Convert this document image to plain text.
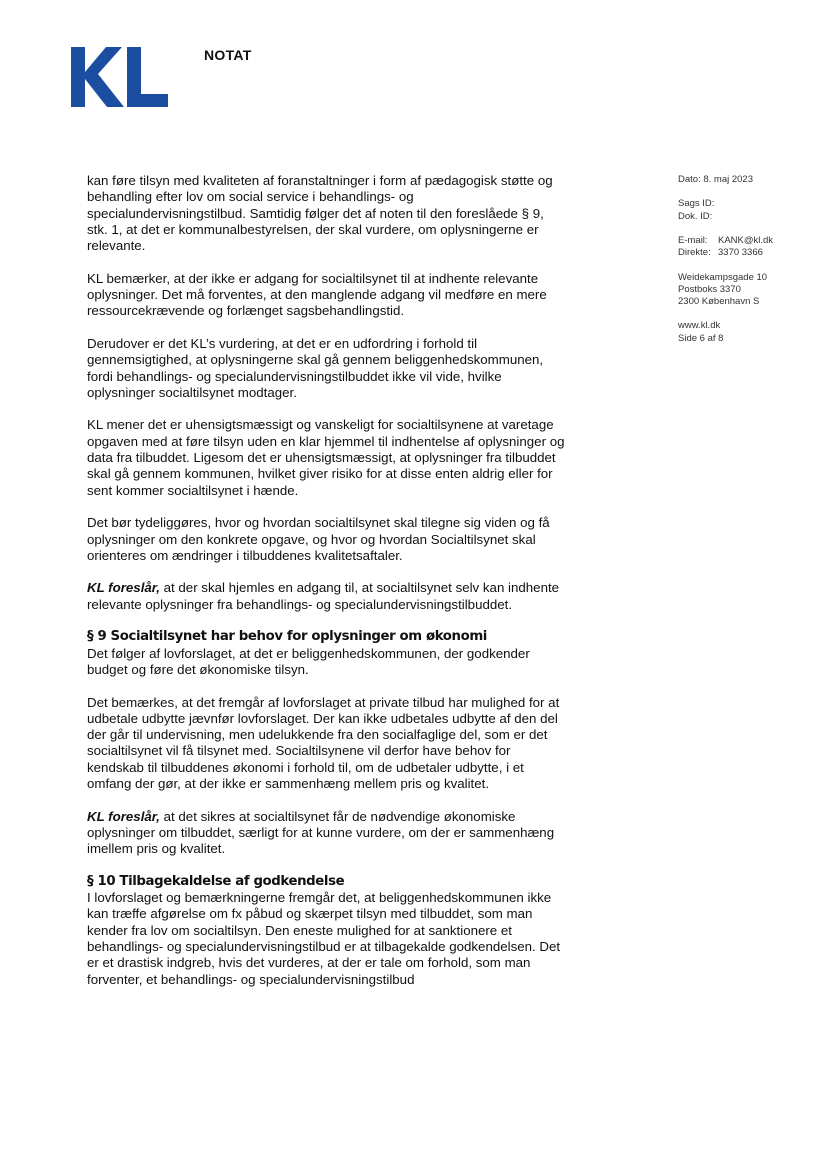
NOTAT
Dato: 8. maj 2023
Sags ID:
Dok. ID:
E-mail: KANK@kl.dk
Direkte: 3370 3366
Weidekampsgade 10
Postboks 3370
2300 København S
www.kl.dk
Side 6 af 8

kan føre tilsyn med kvaliteten af foranstaltninger i form af pædagogisk støtte og behandling efter lov om social service i behandlings- og specialundervisningstilbud. Samtidig følger det af noten til den foreslåede § 9, stk. 1, at det er kommunalbestyrelsen, der skal vurdere, om oplysningerne er relevante.

KL bemærker, at der ikke er adgang for socialtilsynet til at indhente relevante oplysninger. Det må forventes, at den manglende adgang vil medføre en mere ressourcekrævende og forlænget sagsbehandlingstid.

Derudover er det KL’s vurdering, at det er en udfordring i forhold til gennemsigtighed, at oplysningerne skal gå gennem beliggenhedskommunen, fordi behandlings- og specialundervisningstilbuddet ikke vil vide, hvilke oplysninger socialtilsynet modtager.

KL mener det er uhensigtsmæssigt og vanskeligt for socialtilsynene at varetage opgaven med at føre tilsyn uden en klar hjemmel til indhentelse af oplysninger og data fra tilbuddet. Ligesom det er uhensigtsmæssigt, at oplysninger fra tilbuddet skal gå gennem kommunen, hvilket giver risiko for at disse enten aldrig eller for sent kommer socialtilsynet i hænde.

Det bør tydeliggøres, hvor og hvordan socialtilsynet skal tilegne sig viden og få oplysninger om den konkrete opgave, og hvor og hvordan Socialtilsynet skal orienteres om ændringer i tilbuddenes kvalitetsaftaler.

KL foreslår, at der skal hjemles en adgang til, at socialtilsynet selv kan indhente relevante oplysninger fra behandlings- og specialundervisningstilbuddet.

§ 9 Socialtilsynet har behov for oplysninger om økonomi

Det følger af lovforslaget, at det er beliggenhedskommunen, der godkender budget og føre det økonomiske tilsyn.

Det bemærkes, at det fremgår af lovforslaget at private tilbud har mulighed for at udbetale udbytte jævnfør lovforslaget. Der kan ikke udbetales udbytte af den del der går til undervisning, men udelukkende fra den socialfaglige del, som er det socialtilsynet vil få tilsynet med. Socialtilsynene vil derfor have behov for kendskab til tilbuddenes økonomi i forhold til, om de udbetaler udbytte, i et omfang der gør, at der ikke er sammenhæng mellem pris og kvalitet.

KL foreslår, at det sikres at socialtilsynet får de nødvendige økonomiske oplysninger om tilbuddet, særligt for at kunne vurdere, om der er sammenhæng imellem pris og kvalitet.

§ 10 Tilbagekaldelse af godkendelse

I lovforslaget og bemærkningerne fremgår det, at beliggenhedskommunen ikke kan træffe afgørelse om fx påbud og skærpet tilsyn med tilbuddet, som man kender fra lov om socialtilsyn. Den eneste mulighed for at sanktionere et behandlings- og specialundervisningstilbud er at tilbagekalde godkendelsen. Det er et drastisk indgreb, hvis det vurderes, at der er tale om forhold, som man forventer, et behandlings- og specialundervisningstilbud
